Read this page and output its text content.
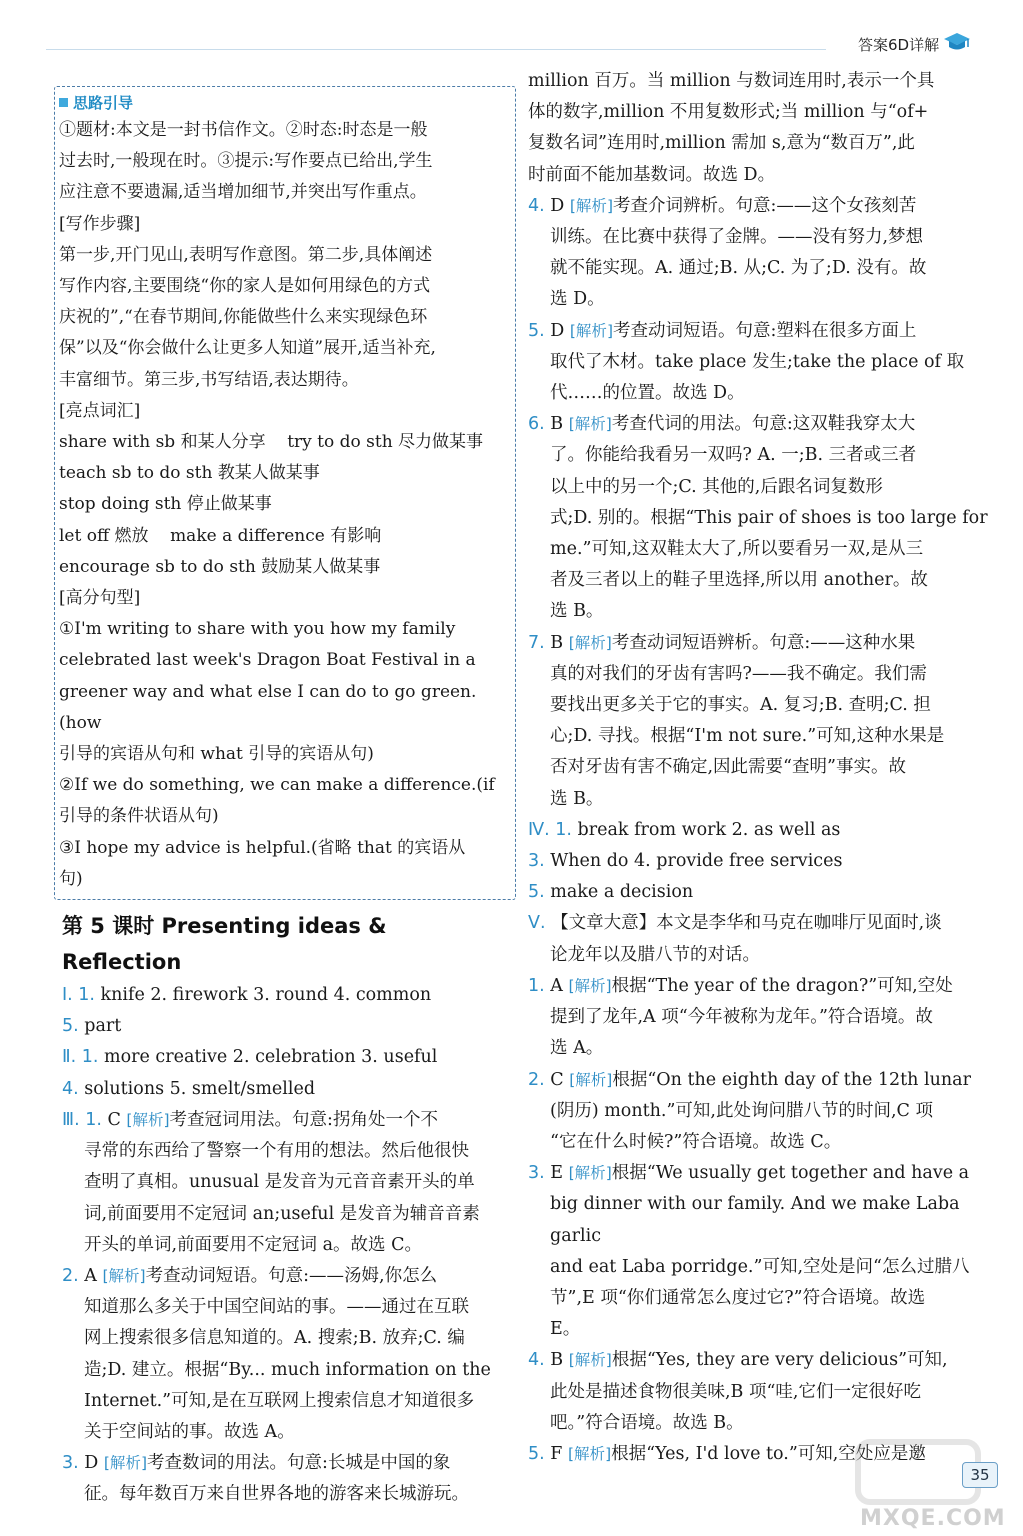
答案6D详解
思路引导
①题材:本文是一封书信作文。②时态:时态是一般
过去时,一般现在时。③提示:写作要点已给出,学生
应注意不要遗漏,适当增加细节,并突出写作重点。
[ 写作步骤 ]
第一步,开门见山,表明写作意图。第二步,具体阐述
写作内容,主要围绕“你的家人是如何用绿色的方式
庆祝的”,“在春节期间,你能做些什么来实现绿色环
保”以及“你会做什么让更多人知道”展开,适当补充,
丰富细节。第三步,书写结语,表达期待。
[ 亮点词汇 ]
share with sb 和某人分享    try to do sth 尽力做某事
teach sb to do sth 教某人做某事
stop doing sth 停止做某事
let off 燃放    make a difference 有影响
encourage sb to do sth 鼓励某人做某事
[ 高分句型 ]
①I'm writing to share with you how my family
celebrated last week's Dragon Boat Festival in a
greener way and what else I can do to go green.(how
引导的宾语从句和 what 引导的宾语从句)
②If we do something, we can make a difference.(if
引导的条件状语从句)
③I hope my advice is helpful.(省略 that 的宾语从
句)
第 5 课时 Presenting ideas & Reflection
Ⅰ. 1. knife 2. firework 3. round 4. common
5. part
Ⅱ. 1. more creative 2. celebration 3. useful
4. solutions 5. smelt/smelled
Ⅲ. 1. C [ 解析 ] 考查冠词用法。句意:拐角处一个不
寻常的东西给了警察一个有用的想法。然后他很快
查明了真相。unusual 是发音为元音音素开头的单
词,前面要用不定冠词 an;useful 是发音为辅音音素
开头的单词,前面要用不定冠词 a。故选 C。
2. A [ 解析 ] 考查动词短语。句意:——汤姆,你怎么
知道那么多关于中国空间站的事。——通过在互联
网上搜索很多信息知道的。A. 搜索;B. 放弃;C. 编
造;D. 建立。根据“By... much information on the
Internet.”可知,是在互联网上搜索信息才知道很多
关于空间站的事。故选 A。
3. D [ 解析 ] 考查数词的用法。句意:长城是中国的象
征。每年数百万来自世界各地的游客来长城游玩。
million 百万。当 million 与数词连用时,表示一个具
体的数字,million 不用复数形式;当 million 与“of+
复数名词”连用时,million 需加 s,意为“数百万”,此
时前面不能加基数词。故选 D。
4. D [ 解析 ] 考查介词辨析。句意:——这个女孩刻苦
训练。在比赛中获得了金牌。——没有努力,梦想
就不能实现。A. 通过;B. 从;C. 为了;D. 没有。故
选 D。
5. D [ 解析 ] 考查动词短语。句意:塑料在很多方面上
取代了木材。take place 发生;take the place of 取
代……的位置。故选 D。
6. B [ 解析 ] 考查代词的用法。句意:这双鞋我穿太大
了。你能给我看另一双吗? A. 一;B. 三者或三者
以上中的另一个;C. 其他的,后跟名词复数形
式;D. 别的。根据“This pair of shoes is too large for
me.”可知,这双鞋太大了,所以要看另一双,是从三
者及三者以上的鞋子里选择,所以用 another。故
选 B。
7. B [ 解析 ] 考查动词短语辨析。句意:——这种水果
真的对我们的牙齿有害吗?——我不确定。我们需
要找出更多关于它的事实。A. 复习;B. 查明;C. 担
心;D. 寻找。根据“I'm not sure.”可知,这种水果是
否对牙齿有害不确定,因此需要“查明”事实。故
选 B。
Ⅳ. 1. break from work 2. as well as
3. When do 4. provide free services
5. make a decision
Ⅴ. 【文章大意】本文是李华和马克在咖啡厅见面时,谈
论龙年以及腊八节的对话。
1. A [ 解析 ] 根据“The year of the dragon?”可知,空处
提到了龙年,A 项“今年被称为龙年。”符合语境。故
选 A。
2. C [ 解析 ] 根据“On the eighth day of the 12th lunar
(阴历) month.”可知,此处询问腊八节的时间,C 项
“它在什么时候?”符合语境。故选 C。
3. E [ 解析 ] 根据“We usually get together and have a
big dinner with our family. And we make Laba garlic
and eat Laba porridge.”可知,空处是问“怎么过腊八
节”,E 项“你们通常怎么度过它?”符合语境。故选
E。
4. B [ 解析 ] 根据“Yes, they are very delicious”可知,
此处是描述食物很美味,B 项“哇,它们一定很好吃
吧。”符合语境。故选 B。
5. F [ 解析 ] 根据“Yes, I'd love to.”可知,空处应是邀
MXQE.COM
35
